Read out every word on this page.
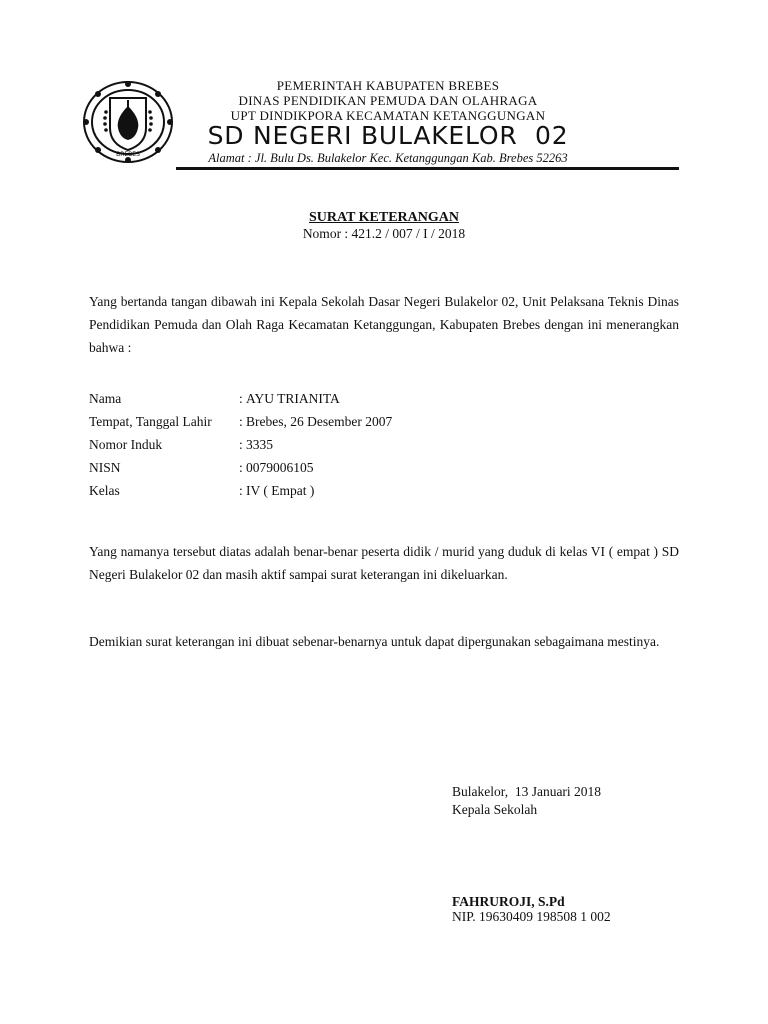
BREBES
PEMERINTAH KABUPATEN BREBES
DINAS PENDIDIKAN PEMUDA DAN OLAHRAGA
UPT DINDIKPORA KECAMATAN KETANGGUNGAN
SD NEGERI BULAKELOR  02
Alamat : Jl. Bulu Ds. Bulakelor Kec. Ketanggungan Kab. Brebes 52263
SURAT KETERANGAN
Nomor : 421.2 / 007 / I / 2018
Yang bertanda tangan dibawah ini Kepala Sekolah Dasar Negeri Bulakelor 02, Unit Pelaksana Teknis Dinas Pendidikan Pemuda dan Olah Raga Kecamatan Ketanggungan, Kabupaten Brebes dengan ini menerangkan bahwa :
Nama	: AYU TRIANITA
Tempat, Tanggal Lahir	: Brebes, 26 Desember 2007
Nomor Induk	: 3335
NISN	: 0079006105
Kelas	: IV ( Empat )
Yang namanya tersebut diatas adalah benar-benar peserta didik / murid yang duduk di kelas VI ( empat ) SD Negeri Bulakelor 02 dan masih aktif sampai surat keterangan ini dikeluarkan.
Demikian surat keterangan ini dibuat sebenar-benarnya untuk dapat dipergunakan sebagaimana mestinya.
Bulakelor,  13 Januari 2018
Kepala Sekolah
FAHRUROJI, S.Pd
NIP. 19630409 198508 1 002
